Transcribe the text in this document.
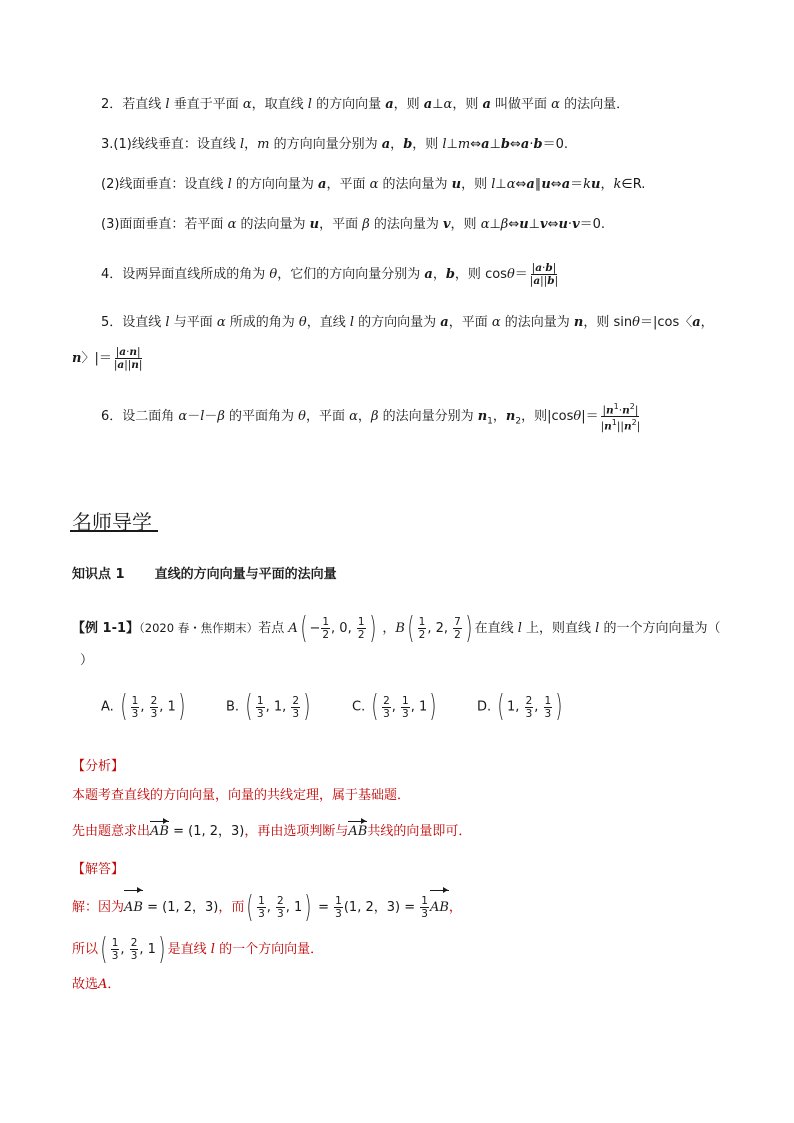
2．若直线 l 垂直于平面 α，取直线 l 的方向向量 a，则 a⊥α，则 a 叫做平面 α 的法向量．
3.(1)线线垂直：设直线 l，m 的方向向量分别为 a，b，则 l⊥m⇔a⊥b⇔a·b＝0.
(2)线面垂直：设直线 l 的方向向量为 a，平面 α 的法向量为 u，则 l⊥α⇔a∥u⇔a＝ku，k∈R.
(3)面面垂直：若平面 α 的法向量为 u，平面 β 的法向量为 v，则 α⊥β⇔u⊥v⇔u·v＝0.
4．设两异面直线所成的角为 θ，它们的方向向量分别为 a，b，则 $\cos\theta= \frac{|a\cdot b|}{|a||b|}$
5．设直线 l 与平面 α 所成的角为 θ，直线 l 的方向向量为 a，平面 α 的法向量为 n，则 sinθ＝|cos〈a，
n〉|＝ $\frac{|a\cdot n|}{|a||n|}$
6．设二面角 α－l－β 的平面角为 θ，平面 α，β 的法向量分别为 $n_1$，$n_2$，则$|\cos\theta|= \frac{|n^1\cdot n^2|}{|n^1||n^2|}$
名师导学
知识点 1 直线的方向向量与平面的法向量
【例 1-1】（2020 春・焦作期末）若点 $A( - \frac{1}{2}$ , 0, $\frac{1}{2}$ ) ，$B( \frac{1}{2}$ , 2, $\frac{7}{2}$ ) 在直线 l 上，则直线 l 的一个方向向量为（
）
A. ( $\frac{1}{3}$ , $\frac{2}{3}$ , 1)	B. ( $\frac{1}{3}$ , 1, $\frac{2}{3}$ )	C. ( $\frac{2}{3}$ , $\frac{1}{3}$ , 1)	D. ( 1, $\frac{2}{3}$ , $\frac{1}{3}$ )
【分析】
本题考查直线的方向向量，向量的共线定理，属于基础题．
先由题意求出AB = (1, 2，3)，再由选项判断与AB共线的向量即可．
【解答】
解：因为AB = (1, 2，3)，而( $\frac{1}{3}$ , $\frac{2}{3}$ , $1) = \frac{1}{3} (1$, 2，$3) = \frac{1}{3}$ AB，
所以( $\frac{1}{3}$ , $\frac{2}{3}$ , 1) 是直线 l 的一个方向向量．
故选A．
